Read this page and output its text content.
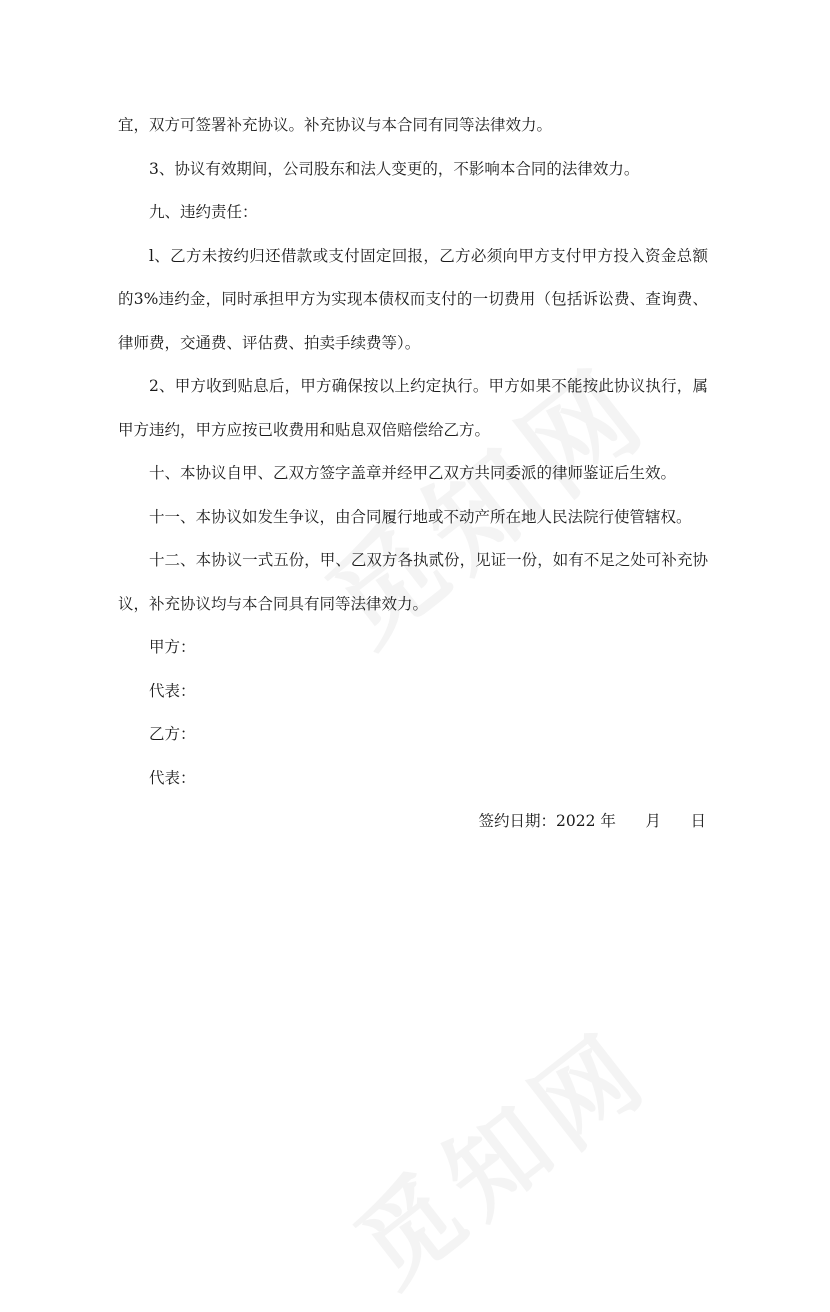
宜，双方可签署补充协议。补充协议与本合同有同等法律效力。

3、协议有效期间，公司股东和法人变更的，不影响本合同的法律效力。

九、违约责任：

l、乙方未按约归还借款或支付固定回报，乙方必须向甲方支付甲方投入资金总额的3%违约金，同时承担甲方为实现本债权而支付的一切费用（包括诉讼费、查询费、律师费，交通费、评估费、拍卖手续费等）。

2、甲方收到贴息后，甲方确保按以上约定执行。甲方如果不能按此协议执行，属甲方违约，甲方应按已收费用和贴息双倍赔偿给乙方。

十、本协议自甲、乙双方签字盖章并经甲乙双方共同委派的律师鉴证后生效。

十一、本协议如发生争议，由合同履行地或不动产所在地人民法院行使管辖权。

十二、本协议一式五份，甲、乙双方各执贰份，见证一份，如有不足之处可补充协议，补充协议均与本合同具有同等法律效力。

甲方：

代表：

乙方：

代表：

签约日期：2022 年      月      日
